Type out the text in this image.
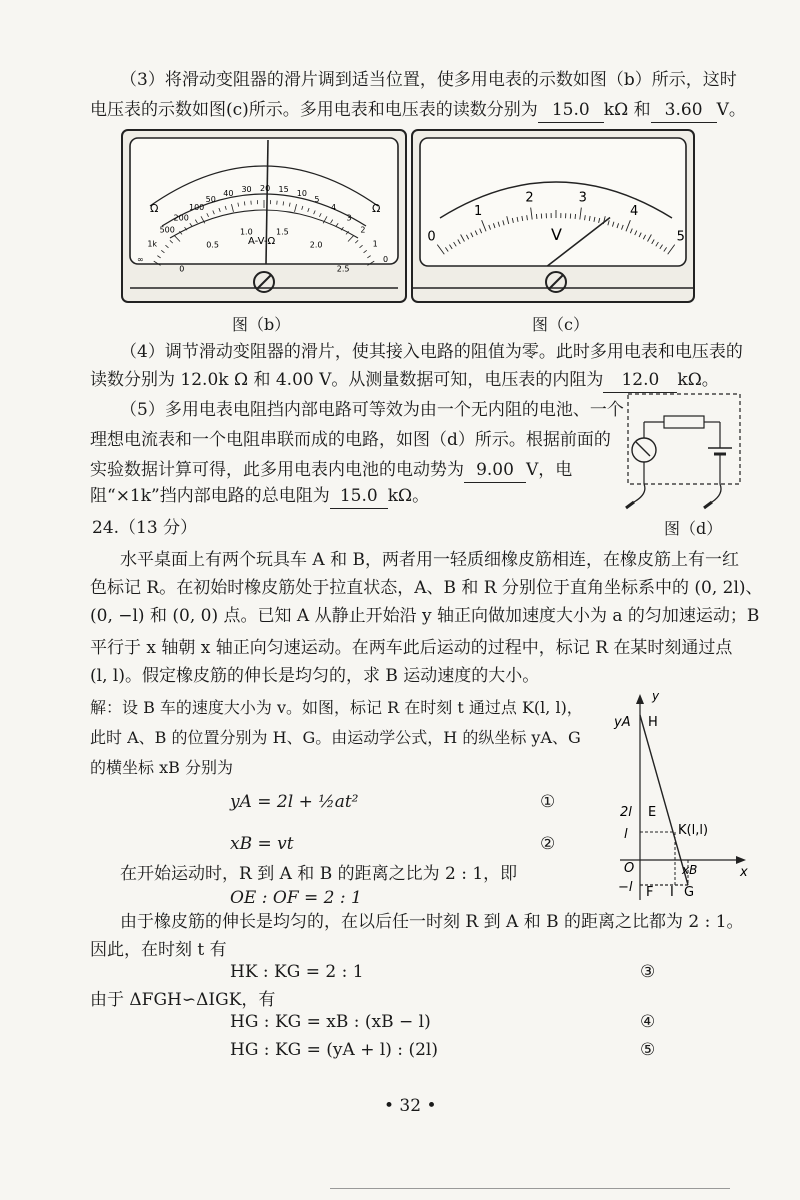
（3）将滑动变阻器的滑片调到适当位置，使多用电表的示数如图（b）所示，这时
电压表的示数如图(c)所示。多用电表和电压表的读数分别为 15.0 kΩ 和 3.60 V。
Ω	Ω
A-V-Ω
∞
1k
500
200
100
50
40 30 20 15 10
5
4
3
2
1
0
0
0.5
1.0	1.5
2.0
2.5
0
1
2	3
4
5
V
图（b）	图（c）
（4）调节滑动变阻器的滑片，使其接入电路的阻值为零。此时多用电表和电压表的
读数分别为 12.0k Ω 和 4.00 V。从测量数据可知，电压表的内阻为 12.0 kΩ。
（5）多用电表电阻挡内部电路可等效为由一个无内阻的电池、一个
理想电流表和一个电阻串联而成的电路，如图（d）所示。根据前面的
实验数据计算可得，此多用电表内电池的电动势为 9.00 V，电
阻“×1k”挡内部电路的总电阻为 15.0 kΩ。
图（d）
24.（13 分）
水平桌面上有两个玩具车 A 和 B，两者用一轻质细橡皮筋相连，在橡皮筋上有一红
色标记 R。在初始时橡皮筋处于拉直状态，A、B 和 R 分别位于直角坐标系中的 (0, 2l)、
(0, −l) 和 (0, 0) 点。已知 A 从静止开始沿 y 轴正向做加速度大小为 a 的匀加速运动；B
平行于 x 轴朝 x 轴正向匀速运动。在两车此后运动的过程中，标记 R 在某时刻通过点
(l, l)。假定橡皮筋的伸长是均匀的，求 B 运动速度的大小。
解：设 B 车的速度大小为 v。如图，标记 R 在时刻 t 通过点 K(l, l)，
此时 A、B 的位置分别为 H、G。由运动学公式，H 的纵坐标 yA、G
的横坐标 xB 分别为
yA = 2l + ½at²	①
xB = vt	②
在开始运动时，R 到 A 和 B 的距离之比为 2 : 1，即
OE : OF = 2 : 1
由于橡皮筋的伸长是均匀的，在以后任一时刻 R 到 A 和 B 的距离之比都为 2 : 1。
因此，在时刻 t 有
HK : KG = 2 : 1	③
由于 ΔFGH∽ΔIGK，有
HG : KG = xB : (xB − l)	④
HG : KG = (yA + l) : (2l)	⑤
y
x
yA H
2l E
l	K(l,l)
O	xB
−l F I G
• 32 •
